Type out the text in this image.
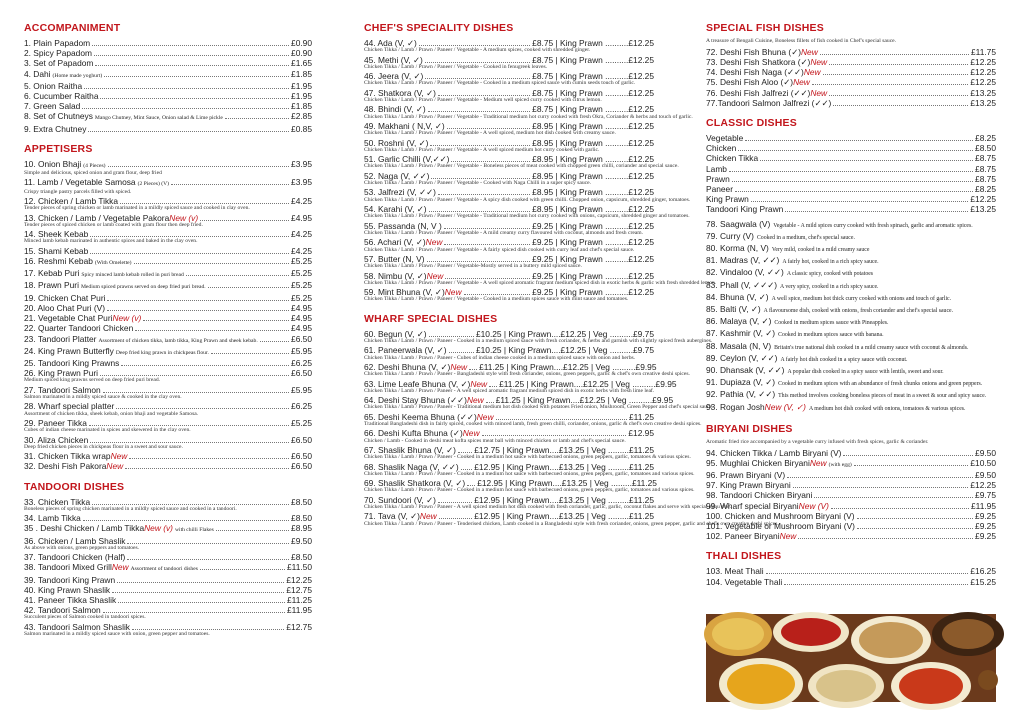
ACCOMPANIMENT
1. Plain Papadom	£0.90
2. Spicy Papadom	£0.90
3. Set of Papadom	£1.65
4. Dahi (Home made yoghurt)	£1.85
5. Onion Raitha	£1.95
6. Cucumber Raitha	£1.95
7. Green Salad	£1.85
8. Set of Chutneys Mango Chutney, Mint Sauce, Onion salad & Lime pickle	£2.85
9. Extra Chutney	£0.85
APPETISERS
10. Onion Bhaji (4 Pieces)	£3.95
Simple and delicious, spiced onion and gram flour, deep fried
11. Lamb / Vegetable Samosa (2 Pieces) (V)	£3.95
Crispy triangle pastry parcels filled with spiced.
12. Chicken / Lamb Tikka	£4.25
Tender pieces of spring chicken or lamb marinated in a mildly spiced sauce and cooked in clay oven.
13. Chicken / Lamb / Vegetable Pakora New (v)	£4.95
Tender pieces of spiced chicken or lamb coated with gram flour then deep fried.
14. Sheek Kebab	£4.25
Minced lamb kebab marinated in authentic spices and baked in the clay oven.
15. Shami Kebab	£4.25
16. Reshmi Kebab (With Omelette)	£5.25
17. Kebab Puri Spicy minced lamb kebab rolled in puri bread	£5.25
18. Prawn Puri Medium spiced prawns served on deep fried puri bread.	£5.25
19. Chicken Chat Puri	£5.25
20. Aloo Chat Puri (V)	£4.95
21. Vegetable Chat Puri New (v)	£4.95
22. Quarter Tandoori Chicken	£4.95
23. Tandoori Platter Assortment of chicken tikka, lamb tikka, King Prawn and sheek kebab.	£6.50
24. King Prawn Butterfly Deep fried king prawn in chickpeas flour.	£5.95
25. Tandoori King Prawns	£6.25
26. King Prawn Puri	£6.50
Medium spiced king prawns served on deep fried puri bread.
27. Tandoori Salmon	£5.95
Salmon marinated in a mildly spiced sauce & cooked in the clay oven.
28. Wharf special platter	£6.25
Assortment of chicken tikka, sheek kebab, onion bhaji and vegetable Samosa.
29. Paneer Tikka	£5.25
Cubes of indian cheese marinated in spices and skewered in the clay oven.
30. Aliza Chicken	£6.50
Deep fried chicken pieces in chickpeas flour in a sweet and sour sauce.
31. Chicken Tikka wrap New	£6.50
32. Deshi Fish Pakora New	£6.50
TANDOORI DISHES
33. Chicken Tikka	£8.50
Boneless pieces of spring chicken marinated in a mildly spiced sauce and cooked in a tandoori.
34. Lamb Tikka	£8.50
35 . Deshi Chicken / Lamb Tikka New (v) with chilli Flakes	£8.95
36. Chicken / Lamb Shaslik	£9.50
As above with onions, green peppers and tomatoes.
37. Tandoori Chicken (Half)	£8.50
38. Tandoori Mixed Grill New Assortment of tandoori dishes	£11.50
39. Tandoori King Prawn	£12.25
40. King Prawn Shaslik	£12.75
41. Paneer Tikka Shaslik	£11.25
42. Tandoori Salmon	£11.95
Succulent pieces of Salmon cooked in tandoori spices.
43. Tandoori Salmon Shaslik	£12.75
Salmon marinated in a mildly spiced sauce with onion, green pepper and tomatoes.
CHEF'S SPECIALITY DISHES
44. Ada (V, ✓)	£8.75 | King Prawn ..........£12.25
Chicken Tikka / Lamb / Prawn / Paneer / Vegetable - A medium spices, cooked with shredded ginger.
45. Methi (V, ✓)	£8.75 | King Prawn ..........£12.25
Chicken Tikka / Lamb / Prawn / Paneer / Vegetable - Cooked in fenugreek leaves.
46. Jeera (V, ✓)	£8.75 | King Prawn ..........£12.25
Chicken Tikka / Lamb / Prawn / Paneer / Vegetable - Cooked in a medium spiced sauce with cumin seeds touch of garlic.
47. Shatkora (V, ✓)	£8.75 | King Prawn ..........£12.25
Chicken Tikka / Lamb / Prawn / Paneer / Vegetable - Medium well spiced curry cooked with citrus lemon.
48. Bhindi (V, ✓)	£8.75 | King Prawn ..........£12.25
Chicken Tikka / Lamb / Prawn / Paneer / Vegetable - Traditional medium hot curry cooked with fresh Okra, Coriander & herbs and touch of garlic.
49. Makhani ( N,V, ✓)	£8.95 | King Prawn ..........£12.25
Chicken Tikka / Lamb / Prawn / Paneer / Vegetable - A well spiced, medium hot dish cooked with creamy sauce.
50. Roshni (V, ✓)	£8.95 | King Prawn ..........£12.25
Chicken Tikka / Lamb / Prawn / Paneer / Vegetable - A well spiced medium hot curry cooked with garlic.
51. Garlic Chilli (V,✓✓)	£8.95 | King Prawn ..........£12.25
Chicken Tikka / Lamb / Prawn / Paneer / Vegetable - Boneless pieces of meat cooked with chopped green chilli, coriander and special sauce.
52. Naga (V, ✓✓)	£8.95 | King Prawn ..........£12.25
Chicken Tikka / Lamb / Prawn / Paneer / Vegetable - Cooked with Naga Chilli in a super spicy sauce.
53. Jalfrezi (V, ✓✓)	£8.95 | King Prawn ..........£12.25
Chicken Tikka / Lamb / Prawn / Paneer / Vegetable - A spicy dish cooked with green chilli. Chopped onion, capsicum, shredded ginger, tomatoes.
54. Karahi (V, ✓)	£8.95 | King Prawn ..........£12.25
Chicken Tikka / Lamb / Prawn / Paneer / Vegetable - Traditional medium hot curry cooked with onions, capsicum, shredded ginger and tomatoes.
55. Passanda (N, V )	£9.25 | King Prawn ..........£12.25
Chicken Tikka / Lamb / Prawn / Paneer / Vegetable - A mild creamy curry flavoured with coconut, almonds and fresh cream.
56. Achari (V, ✓) New	£9.25 | King Prawn ..........£12.25
Chicken Tikka / Lamb / Prawn / Paneer / Vegetable - A fairly spiced dish cooked with curry leaf and chef's special sauce.
57. Butter (N, V)	£9.25 | King Prawn ..........£12.25
Chicken Tikka / Lamb / Prawn / Paneer / Vegetable-Mostly served in a buttery mild spiced sauce.
58. Nimbu (V, ✓) New	£9.25 | King Prawn ..........£12.25
Chicken Tikka / Lamb / Prawn / Paneer / Vegetable - A well spiced aromatic fragrant medium spiced dish in exotic herbs & garlic with fresh shredded lemon.
59. Mint Bhuna (V, ✓) New	£9.25 | King Prawn ..........£12.25
Chicken Tikka / Lamb / Prawn / Paneer / Vegetable - Cooked in a medium spices sauce with mint sauce and tomatoes.
WHARF SPECIAL DISHES
60. Begun (V, ✓)	£10.25 | King Prawn....£12.25 | Veg ..........£9.75
Chicken Tikka / Lamb / Prawn / Paneer - Cooked in a medium spiced sauce with fresh coriander, & herbs and garnish with slightly spiced fresh aubergines.
61. Paneerwala (V, ✓)	£10.25 | King Prawn....£12.25 | Veg ..........£9.75
Chicken Tikka / Lamb / Prawn / Paneer - Cubes of indian cheese cooked in a medium spiced sauce with onion and herbs.
62. Deshi Bhuna (V, ✓) New £11.25 | King Prawn....£12.25 | Veg ..........£9.95
Chicken Tikka / Lamb / Prawn / Paneer - Bangladeshi style with fresh coriander, onions, green peppers, garlic & chef's own creative deshi spices.
63. Lime Leafe Bhuna (V, ✓) New £11.25 | King Prawn....£12.25 | Veg ..........£9.95
Chicken Tikka / Lamb / Prawn / Paneer - A well spiced aromatic fragrant medium spiced dish in exotic herbs with fresh lime leaf.
64. Deshi Stay Bhuna (✓✓) New £11.25 | King Prawn....£12.25 | Veg ..........£9.95
Chicken Tikka / Lamb / Prawn / Paneer - Traditional medium hot dish cooked with potatoes Fried onion, Mushroom, Green Pepper and chef's special sauce.
65. Deshi Keema Bhuna (✓✓) New	£11.25
Traditional Bangladeshi dish in fairly spiced, cooked with minced lamb, fresh green chilli, coriander, onions, garlic & chef's own creative deshi spices.
66. Deshi Kufta Bhuna (✓) New	£12.95
Chicken / Lamb - Cooked in deshi meat kofta spices meat ball with minced chicken or lamb and chef's special sauce.
67. Shaslik Bhuna (V, ✓) £12.75 | King Prawn....£13.25 | Veg .........£11.25
Chicken Tikka / Lamb / Prawn / Paneer - Cooked in a medium hot sauce with barbecued onions, green peppers, garlic, tomatoes & various spices.
68. Shaslik Naga (V, ✓✓) £12.95 | King Prawn....£13.25 | Veg .........£11.25
Chicken Tikka / Lamb / Prawn / Paneer - Cooked in a medium hot sauce with barbecued onions, green peppers, garlic, tomatoes and various spices.
69. Shaslik Shatkora (V, ✓) £12.95 | King Prawn....£13.25 | Veg .........£11.25
Chicken Tikka / Lamb / Prawn / Paneer - Cooked in a medium hot sauce with barbecued onions, green peppers, garlic, tomatoes and various spices.
70. Sundoori (V, ✓)	£12.95 | King Prawn....£13.25 | Veg .........£11.25
Chicken Tikka / Lamb / Prawn / Paneer - A well spiced medium hot dish cooked with fresh coriander, garlic, garlic, coconut flakes and serve with special pilau rice.
71. Tava (V, ✓) New	£12.95 | King Prawn....£13.25 | Veg .........£11.25
Chicken Tikka / Lamb / Prawn / Paneer - Tenderised chicken, Lamb cooked in a Bangladeshi style with fresh coriander, onions, green pepper, garlic and chef's own creative deshi spices.
SPECIAL FISH DISHES
A treasure of Bengali Cuisine, Boneless fillets of fish cooked in Chef's special sauce.
72. Deshi Fish Bhuna (✓) New	£11.75
73. Deshi Fish Shatkora (✓) New	£12.25
74. Deshi Fish Naga (✓✓) New	£12.25
75. Deshi Fish Aloo (✓) New	£12.25
76. Deshi Fish Jalfrezi (✓✓) New	£13.25
77.Tandoori Salmon Jalfrezi (✓✓)	£13.25
CLASSIC DISHES
Vegetable	£8.25
Chicken	£8.50
Chicken Tikka	£8.75
Lamb	£8.75
Prawn	£8.75
Paneer	£8.25
King Prawn	£12.25
Tandoori King Prawn	£13.25
78. Saagwala (V) Vegetable - A mild spices curry cooked with fresh spinach, garlic and aromatic spices.
79. Curry (V) Cooked in a medium, chef's special sauce.
80. Korma (N, V) Very mild, cooked in a mild creamy sauce
81. Madras (V, ✓✓) A fairly hot, cooked in a rich spicy sauce.
82. Vindaloo (V, ✓✓) A classic spicy, cooked with potatoes
83. Phall (V, ✓✓✓) A very spicy, cooked in a rich spicy sauce.
84. Bhuna (V, ✓) A well spice, medium hot thick curry cooked with onions and touch of garlic.
85. Balti (V, ✓) A flavoursome dish, cooked with onions, fresh coriander and chef's special sauce.
86. Malaya (V, ✓) Cooked in medium spices sauce with Pineapples.
87. Kashmir (V, ✓) Cooked in medium spices sauce with banana.
88. Masala (N, V) Britain's true national dish cooked in a mild creamy sauce with coconut & almonds.
89. Ceylon (V, ✓✓) A fairly hot dish cooked in a spicy sauce with coconut.
90. Dhansak (V, ✓✓) A popular dish cooked in a spicy sauce with lentils, sweet and sour.
91. Dupiaza (V, ✓) Cooked in medium spices with an abundance of fresh chunks onions and green peppers.
92. Pathia (V, ✓✓) This method involves cooking boneless pieces of meat in a sweet & sour and spicy sauce.
93. Rogan Josh New (V, ✓) A medium hot dish cooked with onions, tomatoes & various spices.
BIRYANI DISHES
Aromatic fried rice accompanied by a vegetable curry infused with fresh spices, garlic & coriander.
94. Chicken Tikka / Lamb Biryani (V)	£9.50
95. Mughlai Chicken Biryani New (with egg)	£10.50
96. Prawn Biryani (V)	£9.50
97. King Prawn Biryani	£12.25
98. Tandoori Chicken Biryani	£9.75
99. Wharf special Biryani New (V)	£11.95
100. Chicken and Mushroom Biryani (V)	£9.25
101. Vegetable or Mushroom Biryani (V)	£9.25
102. Paneer Biryani New	£9.25
THALI DISHES
103. Meat Thali	£16.25
104. Vegetable Thali	£15.25
